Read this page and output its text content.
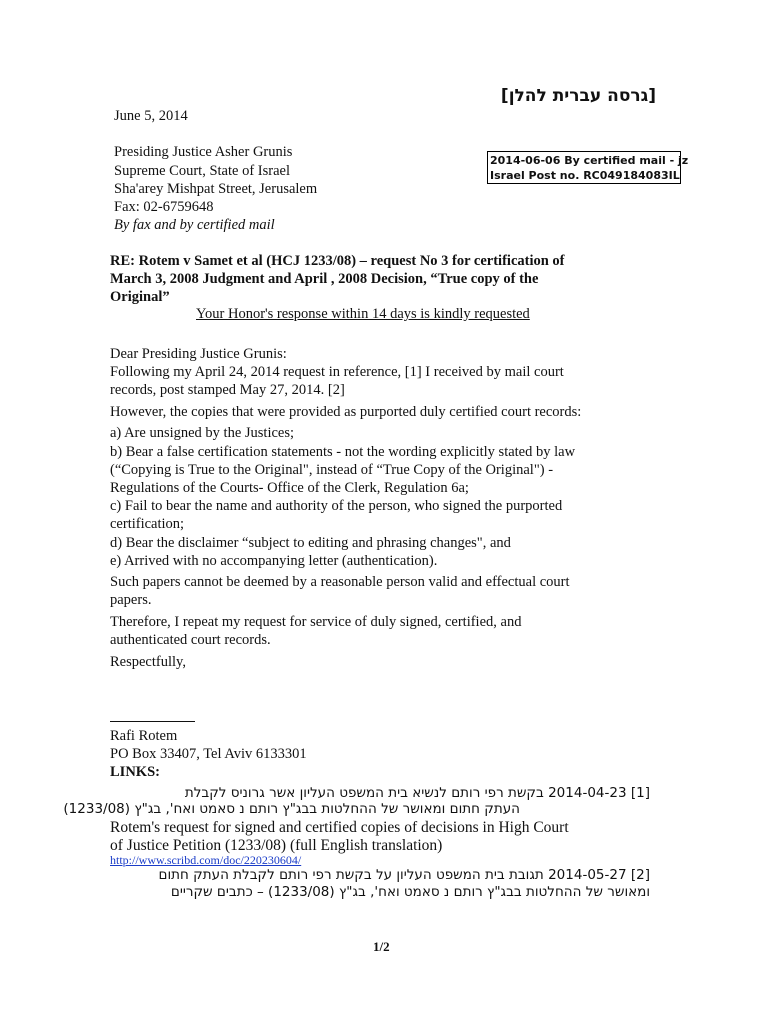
[גרסה עברית להלן]
June 5, 2014
Presiding Justice Asher Grunis
Supreme Court, State of Israel
Sha'arey Mishpat Street, Jerusalem
Fax: 02-6759648
By fax and by certified mail
2014-06-06 By certified mail - jz
Israel Post no. RC049184083IL
RE: Rotem v Samet et al (HCJ 1233/08) – request No 3 for certification of
March 3, 2008 Judgment and April , 2008 Decision, “True copy of the
Original”
Your Honor's response within 14 days is kindly requested
Dear Presiding Justice Grunis:
Following my April 24, 2014 request in reference, [1] I received by mail court
records, post stamped May 27, 2014. [2]
However, the copies that were provided as purported duly certified court records:
a) Are unsigned by the Justices;
b) Bear a false certification statements - not the wording explicitly stated by law
(“Copying is True to the Original", instead of “True Copy of the Original") -
Regulations of the Courts- Office of the Clerk, Regulation 6a;
c) Fail to bear the name and authority of the person, who signed the purported
certification;
d) Bear the disclaimer “subject to editing and phrasing changes", and
e) Arrived with no accompanying letter (authentication).
Such papers cannot be deemed by a reasonable person valid and effectual court
papers.
Therefore, I repeat my request for service of duly signed, certified, and
authenticated court records.
Respectfully,
Rafi Rotem
PO Box 33407, Tel Aviv 6133301
LINKS:
[1] 2014-04-23 בקשת רפי רותם לנשיא בית המשפט העליון אשר גרוניס לקבלת
העתק חתום ומאושר של ההחלטות בבג"ץ רותם נ סאמט ואח', בג"ץ (1233/08)
Rotem's request for signed and certified copies of decisions in High Court
of Justice Petition (1233/08) (full English translation)
http://www.scribd.com/doc/220230604/
[2] 2014-05-27 תגובת בית המשפט העליון על בקשת רפי רותם לקבלת העתק חתום
ומאושר של ההחלטות בבג"ץ רותם נ סאמט ואח', בג"ץ (1233/08) – כתבים שקריים
1/2
